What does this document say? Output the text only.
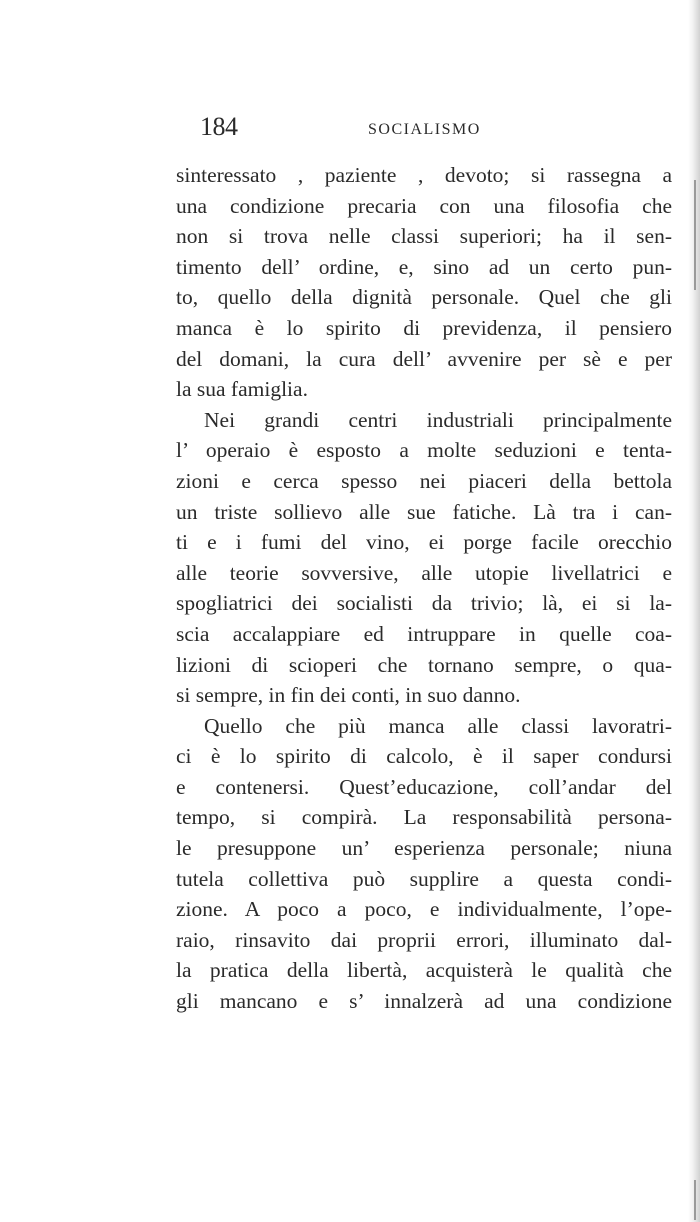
184	SOCIALISMO
sinteressato , paziente , devoto; si rassegna a
una condizione precaria con una filosofia che
non si trova nelle classi superiori; ha il sen-
timento dell’ ordine, e, sino ad un certo pun-
to, quello della dignità personale. Quel che gli
manca è lo spirito di previdenza, il pensiero
del domani, la cura dell’ avvenire per sè e per
la sua famiglia.
Nei grandi centri industriali principalmente
l’ operaio è esposto a molte seduzioni e tenta-
zioni e cerca spesso nei piaceri della bettola
un triste sollievo alle sue fatiche. Là tra i can-
ti e i fumi del vino, ei porge facile orecchio
alle teorie sovversive, alle utopie livellatrici e
spogliatrici dei socialisti da trivio; là, ei si la-
scia accalappiare ed intruppare in quelle coa-
lizioni di scioperi che tornano sempre, o qua-
si sempre, in fin dei conti, in suo danno.
Quello che più manca alle classi lavoratri-
ci è lo spirito di calcolo, è il saper condursi
e contenersi. Quest’educazione, coll’andar del
tempo, si compirà. La responsabilità persona-
le presuppone un’ esperienza personale; niuna
tutela collettiva può supplire a questa condi-
zione. A poco a poco, e individualmente, l’ope-
raio, rinsavito dai proprii errori, illuminato dal-
la pratica della libertà, acquisterà le qualità che
gli mancano e s’ innalzerà ad una condizione
